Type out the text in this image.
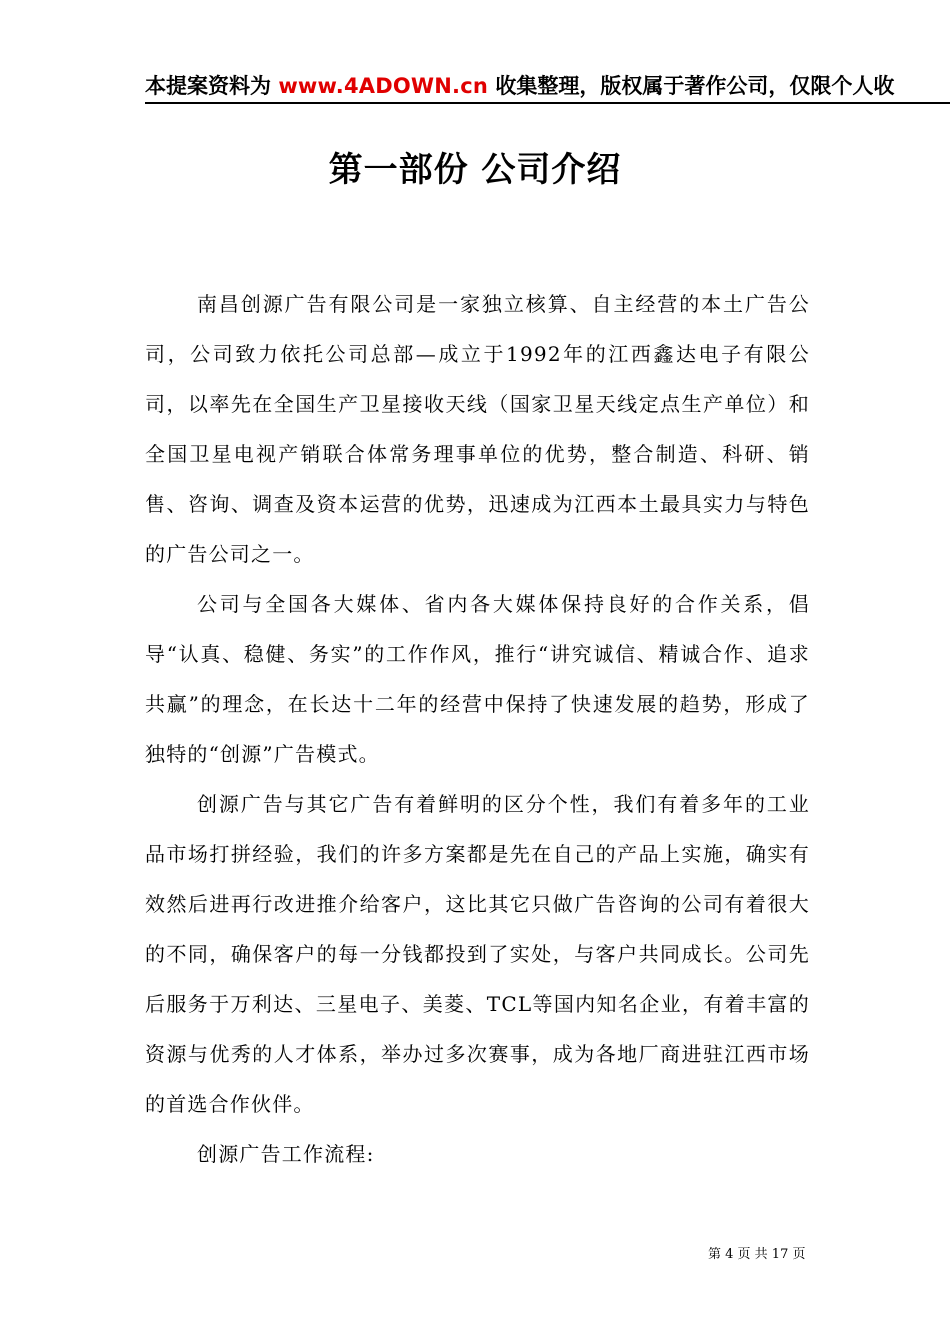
本提案资料为 www.4ADOWN.cn 收集整理，版权属于著作公司，仅限个人收
第一部份 公司介绍

南昌创源广告有限公司是一家独立核算、自主经营的本土广告公司，公司致力依托公司总部—成立于1992年的江西鑫达电子有限公司，以率先在全国生产卫星接收天线（国家卫星天线定点生产单位）和全国卫星电视产销联合体常务理事单位的优势，整合制造、科研、销售、咨询、调查及资本运营的优势，迅速成为江西本土最具实力与特色的广告公司之一。

公司与全国各大媒体、省内各大媒体保持良好的合作关系，倡导“认真、稳健、务实”的工作作风，推行“讲究诚信、精诚合作、追求共赢”的理念，在长达十二年的经营中保持了快速发展的趋势，形成了独特的“创源”广告模式。

创源广告与其它广告有着鲜明的区分个性，我们有着多年的工业品市场打拼经验，我们的许多方案都是先在自己的产品上实施，确实有效然后进再行改进推介给客户，这比其它只做广告咨询的公司有着很大的不同，确保客户的每一分钱都投到了实处，与客户共同成长。公司先后服务于万利达、三星电子、美菱、TCL等国内知名企业，有着丰富的资源与优秀的人才体系，举办过多次赛事，成为各地厂商进驻江西市场的首选合作伙伴。

创源广告工作流程:

第 4 页 共 17 页
